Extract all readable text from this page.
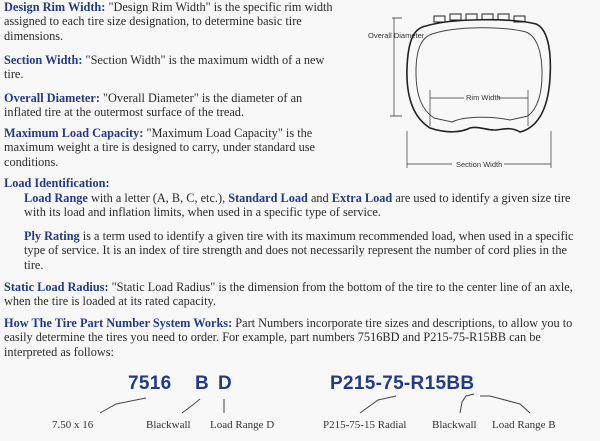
Overall Diameter
Rim Width
Section Width
Design Rim Width: "Design Rim Width" is the specific rim width assigned to each tire size designation, to determine basic tire dimensions.
Section Width: "Section Width" is the maximum width of a new tire.
Overall Diameter: "Overall Diameter" is the diameter of an inflated tire at the outermost surface of the tread.
Maximum Load Capacity: "Maximum Load Capacity" is the maximum weight a tire is designed to carry, under standard use conditions.
Load Identification:
Load Range with a letter (A, B, C, etc.), Standard Load and Extra Load are used to identify a given size tire with its load and inflation limits, when used in a specific type of service.
Ply Rating is a term used to identify a given tire with its maximum recommended load, when used in a specific type of service. It is an index of tire strength and does not necessarily represent the number of cord plies in the tire.
Static Load Radius: "Static Load Radius" is the dimension from the bottom of the tire to the center line of an axle, when the tire is loaded at its rated capacity.
How The Tire Part Number System Works: Part Numbers incorporate tire sizes and descriptions, to allow you to easily determine the tires you need to order. For example, part numbers 7516BD and P215-75-R15BB can be interpreted as follows:
7516 B D	P215-75-R15BB
7.50 x 16	Blackwall Load Range D	P215-75-15 Radial Blackwall Load Range B
